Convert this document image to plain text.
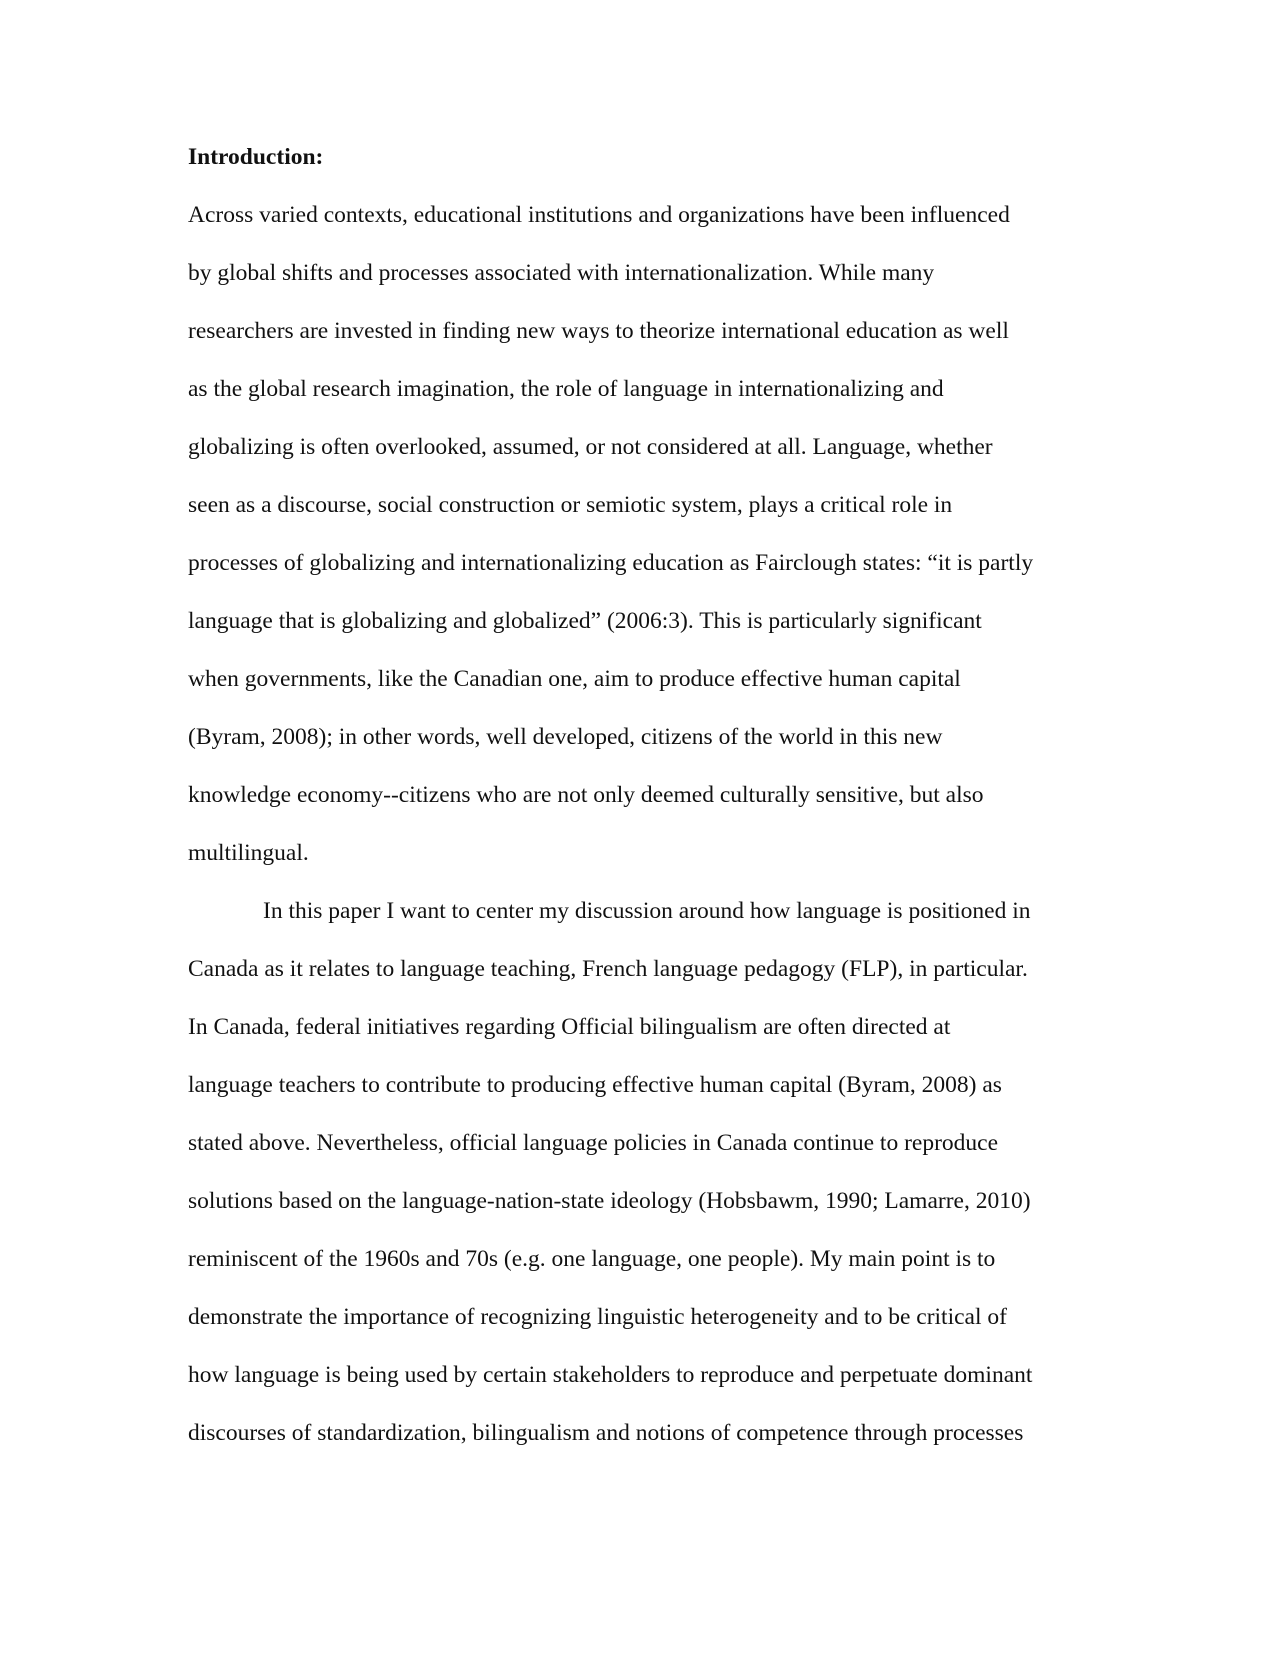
Introduction:
Across varied contexts, educational institutions and organizations have been influenced
by global shifts and processes associated with internationalization. While many
researchers are invested in finding new ways to theorize international education as well
as the global research imagination, the role of language in internationalizing and
globalizing is often overlooked, assumed, or not considered at all. Language, whether
seen as a discourse, social construction or semiotic system, plays a critical role in
processes of globalizing and internationalizing education as Fairclough states: “it is partly
language that is globalizing and globalized” (2006:3). This is particularly significant
when governments, like the Canadian one, aim to produce effective human capital
(Byram, 2008); in other words, well developed, citizens of the world in this new
knowledge economy--citizens who are not only deemed culturally sensitive, but also
multilingual.
In this paper I want to center my discussion around how language is positioned in
Canada as it relates to language teaching, French language pedagogy (FLP), in particular.
In Canada, federal initiatives regarding Official bilingualism are often directed at
language teachers to contribute to producing effective human capital (Byram, 2008) as
stated above. Nevertheless, official language policies in Canada continue to reproduce
solutions based on the language-nation-state ideology (Hobsbawm, 1990; Lamarre, 2010)
reminiscent of the 1960s and 70s (e.g. one language, one people). My main point is to
demonstrate the importance of recognizing linguistic heterogeneity and to be critical of
how language is being used by certain stakeholders to reproduce and perpetuate dominant
discourses of standardization, bilingualism and notions of competence through processes
